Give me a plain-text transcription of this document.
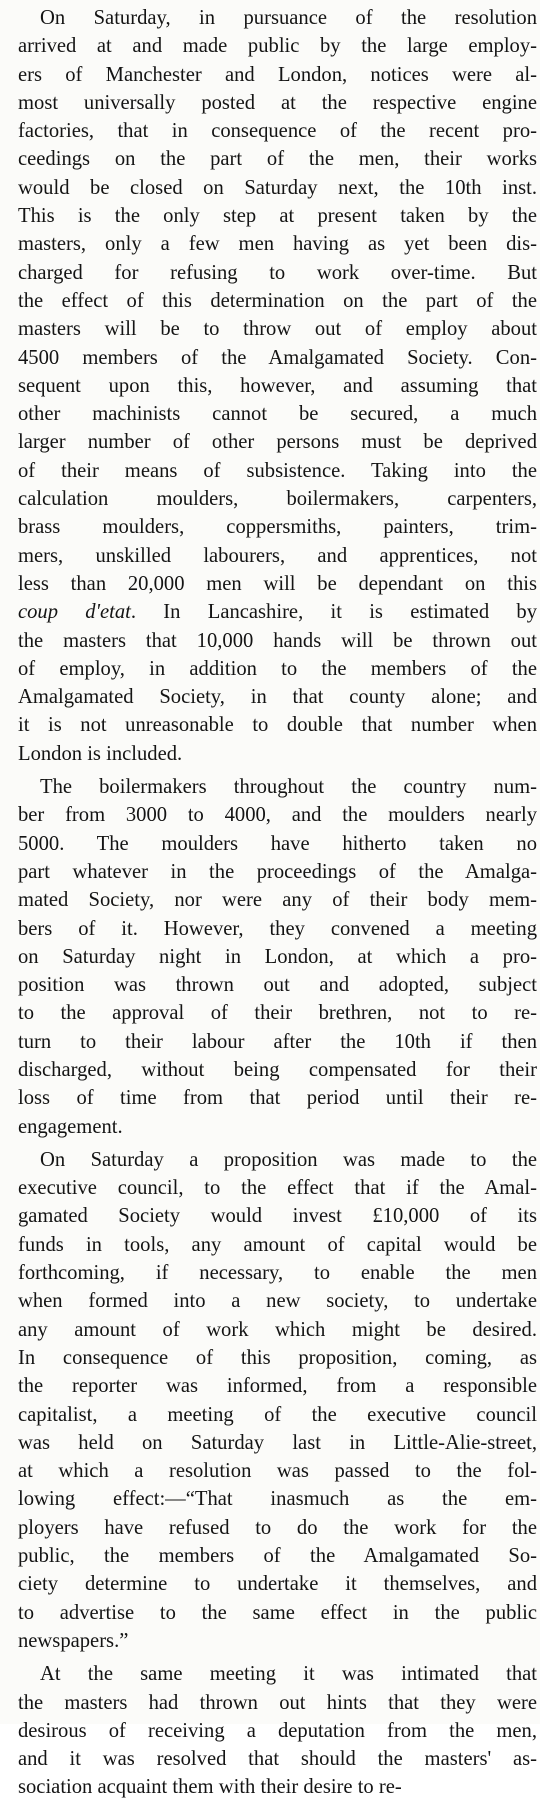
On Saturday, in pursuance of the resolution
arrived at and made public by the large employ-
ers of Manchester and London, notices were al-
most universally posted at the respective engine
factories, that in consequence of the recent pro-
ceedings on the part of the men, their works
would be closed on Saturday next, the 10th inst.
This is the only step at present taken by the
masters, only a few men having as yet been dis-
charged for refusing to work over-time. But
the effect of this determination on the part of the
masters will be to throw out of employ about
4500 members of the Amalgamated Society. Con-
sequent upon this, however, and assuming that
other machinists cannot be secured, a much
larger number of other persons must be deprived
of their means of subsistence. Taking into the
calculation moulders, boilermakers, carpenters,
brass moulders, coppersmiths, painters, trim-
mers, unskilled labourers, and apprentices, not
less than 20,000 men will be dependant on this
coup d'etat. In Lancashire, it is estimated by
the masters that 10,000 hands will be thrown out
of employ, in addition to the members of the
Amalgamated Society, in that county alone; and
it is not unreasonable to double that number when
London is included.
The boilermakers throughout the country num-
ber from 3000 to 4000, and the moulders nearly
5000. The moulders have hitherto taken no
part whatever in the proceedings of the Amalga-
mated Society, nor were any of their body mem-
bers of it. However, they convened a meeting
on Saturday night in London, at which a pro-
position was thrown out and adopted, subject
to the approval of their brethren, not to re-
turn to their labour after the 10th if then
discharged, without being compensated for their
loss of time from that period until their re-
engagement.
On Saturday a proposition was made to the
executive council, to the effect that if the Amal-
gamated Society would invest £10,000 of its
funds in tools, any amount of capital would be
forthcoming, if necessary, to enable the men
when formed into a new society, to undertake
any amount of work which might be desired.
In consequence of this proposition, coming, as
the reporter was informed, from a responsible
capitalist, a meeting of the executive council
was held on Saturday last in Little-Alie-street,
at which a resolution was passed to the fol-
lowing effect:—“That inasmuch as the em-
ployers have refused to do the work for the
public, the members of the Amalgamated So-
ciety determine to undertake it themselves, and
to advertise to the same effect in the public
newspapers.”
At the same meeting it was intimated that
the masters had thrown out hints that they were
desirous of receiving a deputation from the men,
and it was resolved that should the masters' as-
sociation acquaint them with their desire to re-
